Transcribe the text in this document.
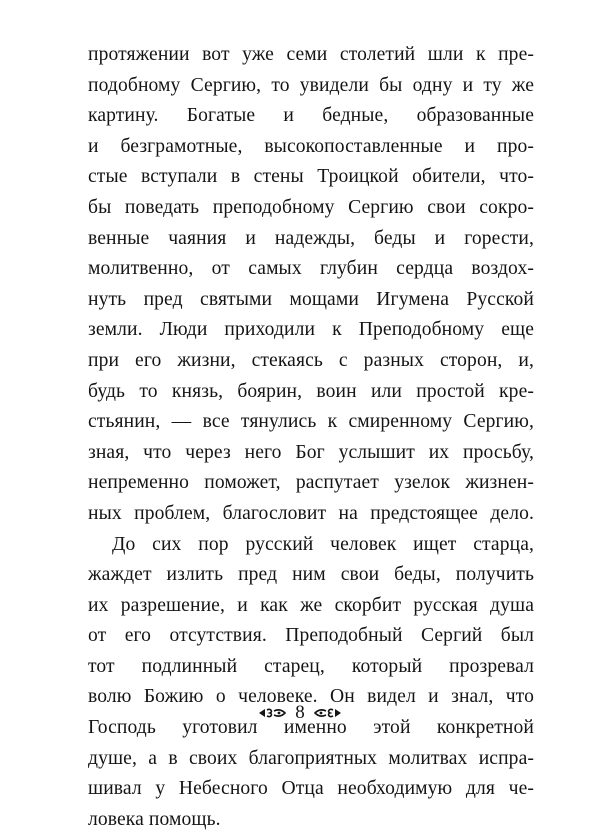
протяжении вот уже семи столетий шли к пре-
подобному Сергию, то увидели бы одну и ту же
картину. Богатые и бедные, образованные
и безграмотные, высокопоставленные и про-
стые вступали в стены Троицкой обители, что-
бы поведать преподобному Сергию свои сокро-
венные чаяния и надежды, беды и горести,
молитвенно, от самых глубин сердца воздох-
нуть пред святыми мощами Игумена Русской
земли. Люди приходили к Преподобному еще
при его жизни, стекаясь с разных сторон, и,
будь то князь, боярин, воин или простой кре-
стьянин, — все тянулись к смиренному Сергию,
зная, что через него Бог услышит их просьбу,
непременно поможет, распутает узелок жизнен-
ных проблем, благословит на предстоящее дело.
До сих пор русский человек ищет старца,
жаждет излить пред ним свои беды, получить
их разрешение, и как же скорбит русская душа
от его отсутствия. Преподобный Сергий был
тот подлинный старец, который прозревал
волю Божию о человеке. Он видел и знал, что
Господь уготовил именно этой конкретной
душе, а в своих благоприятных молитвах испра-
шивал у Небесного Отца необходимую для че-
ловека помощь.
8
